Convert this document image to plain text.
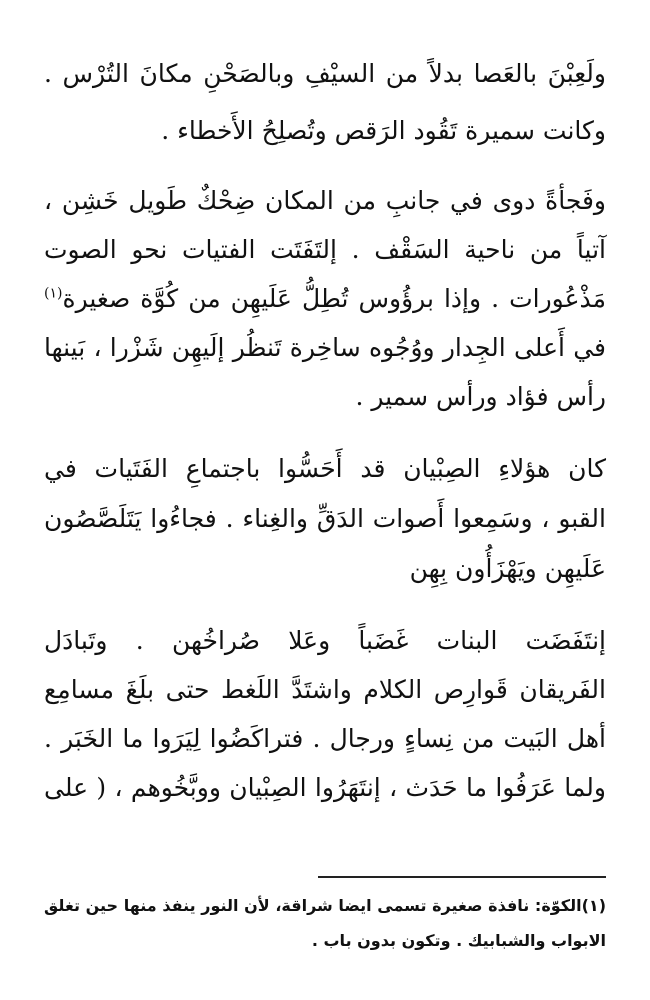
ولَعِبْنَ بالعَصا بدلاً من السيْفِ وبالصَحْنِ مكانَ التُرْس .
وكانت سميرة تَقُود الرَقص وتُصلِحُ الأَخطاء .
وفَجأةً دوى في جانبِ من المكان ضِحْكٌ طَويل خَشِن ،
آتياً من ناحية السَقْف . إلتَفَتَت الفتيات نحو الصوت
مَذْعُورات . وإذا برؤُوس تُطِلُّ عَلَيهِن من كُوَّة صغيرة$^{(١)}$
في أَعلى الجِدار ووُجُوه ساخِرة تَنظُر إلَيهِن شَزْرا ، بَينها
رأس فؤاد ورأس سمير .
كان هؤلاءِ الصِبْيان قد أَحَسُّوا باجتماعِ الفَتَيات في
القبو ، وسَمِعوا أَصوات الدَقِّ والغِناء . فجاءُوا يَتَلَصَّصُون
عَلَيهِن ويَهْزَأُون بِهِن
إنتَفَضَت البنات غَضَباً وعَلا صُراخُهن . وتَبادَل
الفَريقان قَوارِص الكلام واشتَدَّ اللَغط حتى بلَغَ مسامِع
أهل البَيت من نِساءٍ ورجال . فتراكَضُوا لِيَرَوا ما الخَبَر .
ولما عَرَفُوا ما حَدَث ، إنتَهَرُوا الصِبْيان ووبَّخُوهم ، ( على
(١)الكوّة: نافذة صغيرة تسمى ايضا شراقة، لأن النور ينفذ منها حين تغلق
الابواب والشبابيك . وتكون بدون باب .
